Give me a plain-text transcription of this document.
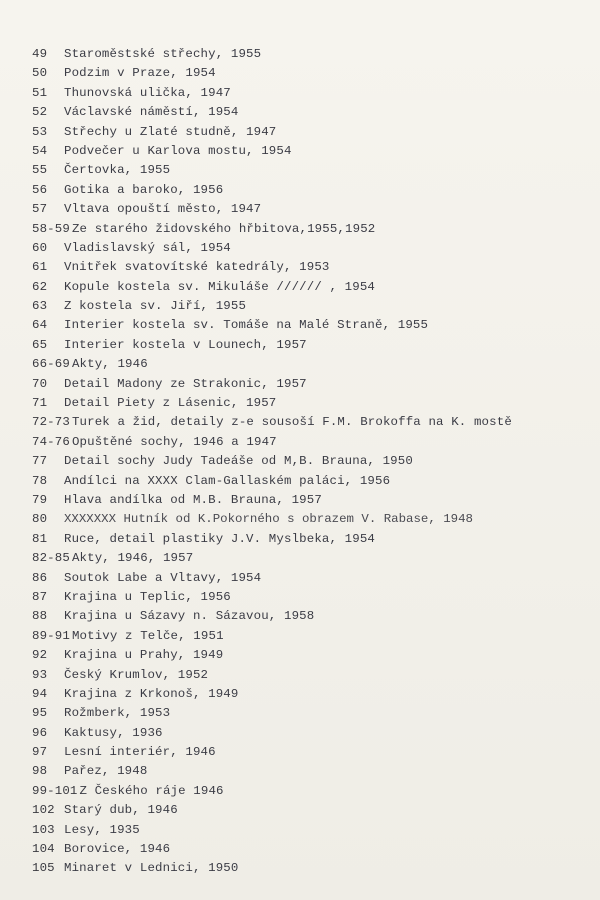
49	Staroměstské střechy, 1955
50	Podzim v Praze, 1954
51	Thunovská ulička, 1947
52	Václavské náměstí, 1954
53	Střechy u Zlaté studně, 1947
54	Podvečer u Karlova mostu, 1954
55	Čertovka, 1955
56	Gotika a baroko, 1956
57	Vltava opouští město, 1947
58-59 Ze starého židovského hřbitova,1955,1952
60	Vladislavský sál, 1954
61	Vnitřek svatovítské katedrály, 1953
62	Kopule kostela sv. Mikuláše ////// , 1954
63	Z kostela sv. Jiří, 1955
64	Interier kostela sv. Tomáše na Malé Straně, 1955
65	Interier kostela v Lounech, 1957
66-69 Akty, 1946
70	Detail Madony ze Strakonic, 1957
71	Detail Piety z Lásenic, 1957
72-73 Turek a žid, detaily z-e sousoší F.M. Brokoffa na K. mostě
74-76 Opuštěné sochy, 1946 a 1947
77	Detail sochy Judy Tadeáše od M,B. Brauna, 1950
78	Andílci na XXXX Clam-Gallaském paláci, 1956
79	Hlava andílka od M.B. Brauna, 1957
80	XXXXXXX Hutník od K.Pokorného s obrazem V. Rabase, 1948
81	Ruce, detail plastiky J.V. Myslbeka, 1954
82-85 Akty, 1946, 1957
86	Soutok Labe a Vltavy, 1954
87	Krajina u Teplic, 1956
88	Krajina u Sázavy n. Sázavou, 1958
89-91 Motivy z Telče, 1951
92	Krajina u Prahy, 1949
93	Český Krumlov, 1952
94	Krajina z Krkonoš, 1949
95	Rožmberk, 1953
96	Kaktusy, 1936
97	Lesní interiér, 1946
98	Pařez, 1948
99-101 Z Českého ráje 1946
102 Starý dub, 1946
103 Lesy, 1935
104 Borovice, 1946
105 Minaret v Lednici, 1950
